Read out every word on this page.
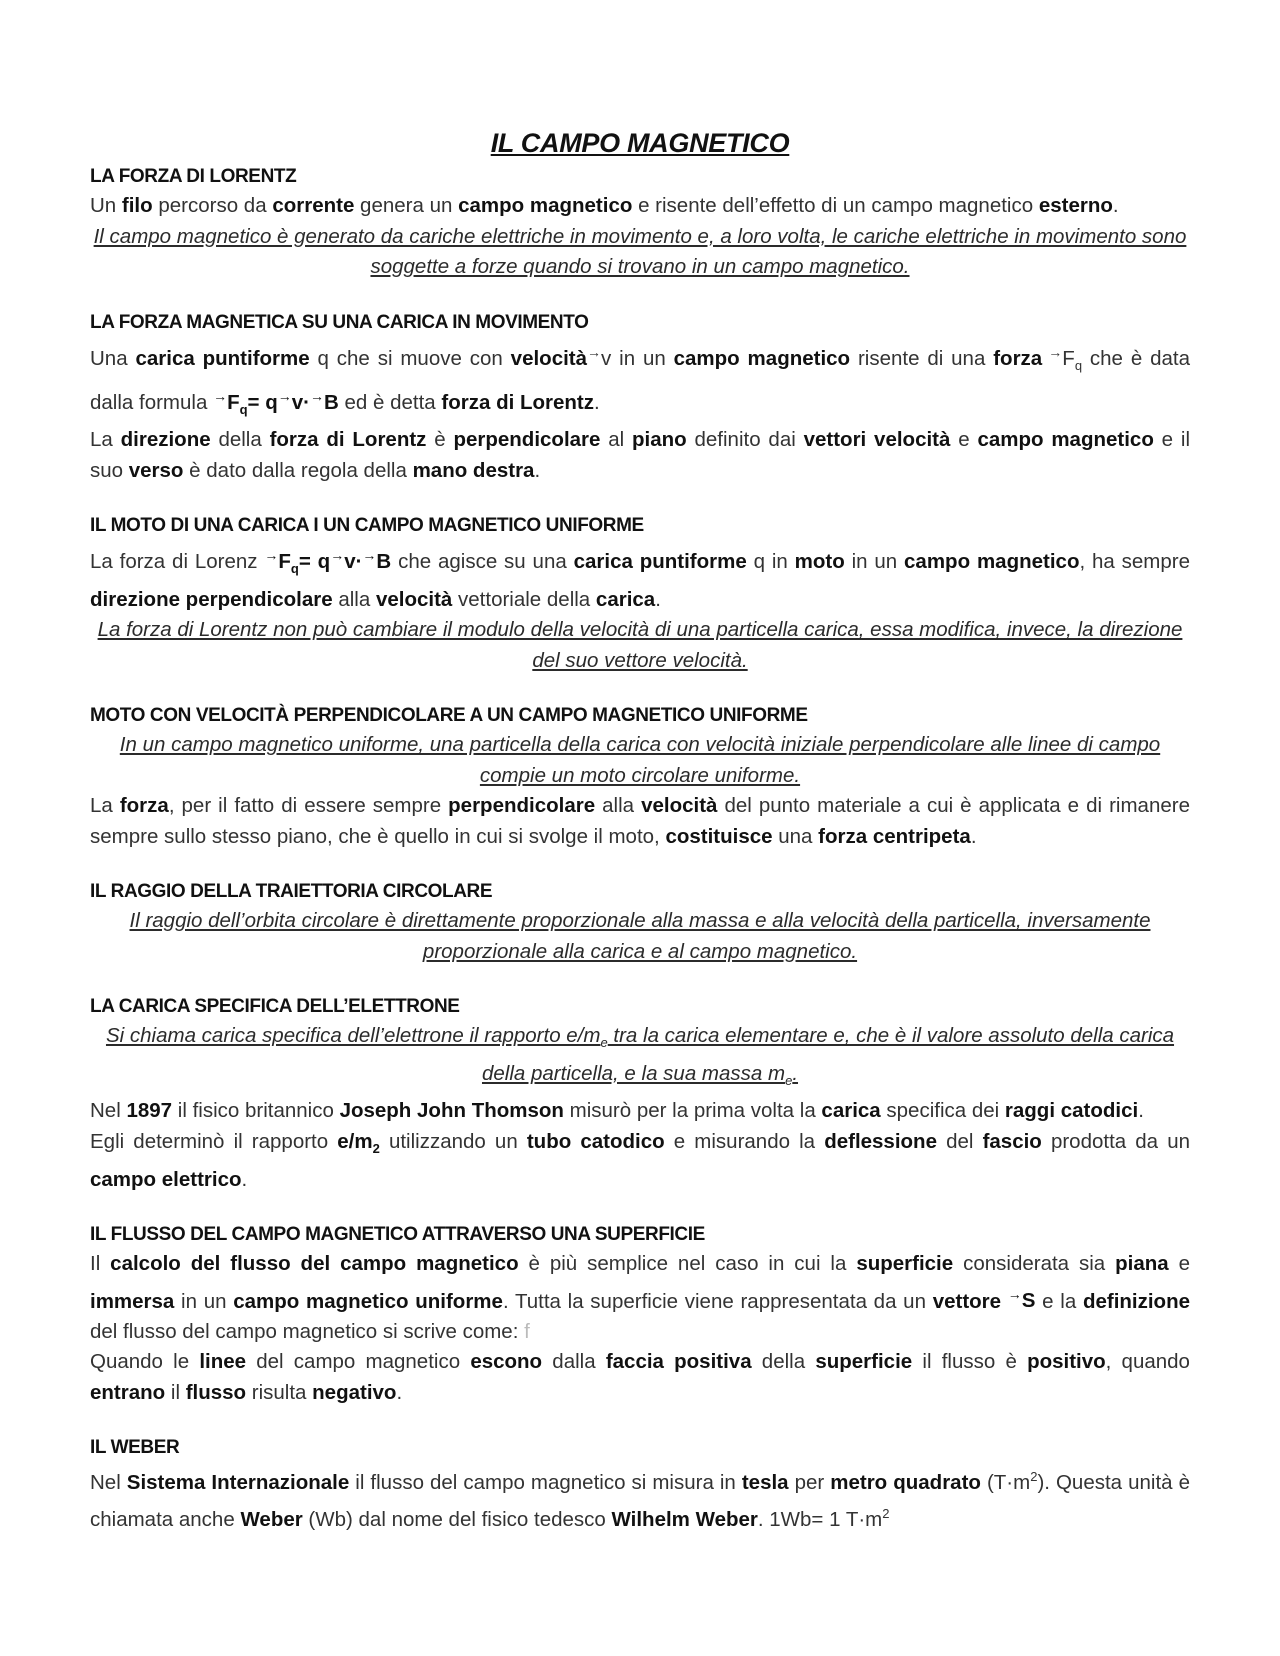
IL CAMPO MAGNETICO
LA FORZA DI LORENTZ

Un filo percorso da corrente genera un campo magnetico e risente dell’effetto di un campo magnetico esterno.

Il campo magnetico è generato da cariche elettriche in movimento e, a loro volta, le cariche elettriche in movimento sono soggette a forze quando si trovano in un campo magnetico.

LA FORZA MAGNETICA SU UNA CARICA IN MOVIMENTO

Una carica puntiforme q che si muove con velocità→v in un campo magnetico risente di una forza $^\to F_q$ che è data dalla formula $^\to F_q= q^\to v\cdot^\to B$ ed è detta forza di Lorentz.

La direzione della forza di Lorentz è perpendicolare al piano definito dai vettori velocità e campo magnetico e il suo verso è dato dalla regola della mano destra.

IL MOTO DI UNA CARICA I UN CAMPO MAGNETICO UNIFORME

La forza di Lorenz $^\to F_q= q^\to v\cdot^\to B$ che agisce su una carica puntiforme q in moto in un campo magnetico, ha sempre direzione perpendicolare alla velocità vettoriale della carica.

La forza di Lorentz non può cambiare il modulo della velocità di una particella carica, essa modifica, invece, la direzione del suo vettore velocità.

MOTO CON VELOCITÀ PERPENDICOLARE A UN CAMPO MAGNETICO UNIFORME

In un campo magnetico uniforme, una particella della carica con velocità iniziale perpendicolare alle linee di campo compie un moto circolare uniforme.

La forza, per il fatto di essere sempre perpendicolare alla velocità del punto materiale a cui è applicata e di rimanere sempre sullo stesso piano, che è quello in cui si svolge il moto, costituisce una forza centripeta.

IL RAGGIO DELLA TRAIETTORIA CIRCOLARE

Il raggio dell’orbita circolare è direttamente proporzionale alla massa e alla velocità della particella, inversamente proporzionale alla carica e al campo magnetico.

LA CARICA SPECIFICA DELL’ELETTRONE

Si chiama carica specifica dell’elettrone il rapporto $e/m_e$ tra la carica elementare e, che è il valore assoluto della carica della particella, e la sua massa $m_e$.

Nel 1897 il fisico britannico Joseph John Thomson misurò per la prima volta la carica specifica dei raggi catodici.

Egli determinò il rapporto $e/m_2$ utilizzando un tubo catodico e misurando la deflessione del fascio prodotta da un campo elettrico.

IL FLUSSO DEL CAMPO MAGNETICO ATTRAVERSO UNA SUPERFICIE

Il calcolo del flusso del campo magnetico è più semplice nel caso in cui la superficie considerata sia piana e immersa in un campo magnetico uniforme. Tutta la superficie viene rappresentata da un vettore →S e la definizione del flusso del campo magnetico si scrive come: f

Quando le linee del campo magnetico escono dalla faccia positiva della superficie il flusso è positivo, quando entrano il flusso risulta negativo.

IL WEBER

Nel Sistema Internazionale il flusso del campo magnetico si misura in tesla per metro quadrato $(T\cdot m^2)$. Questa unità è chiamata anche Weber (Wb) dal nome del fisico tedesco Wilhelm Weber. 1Wb= 1 $T\cdot m^2$
